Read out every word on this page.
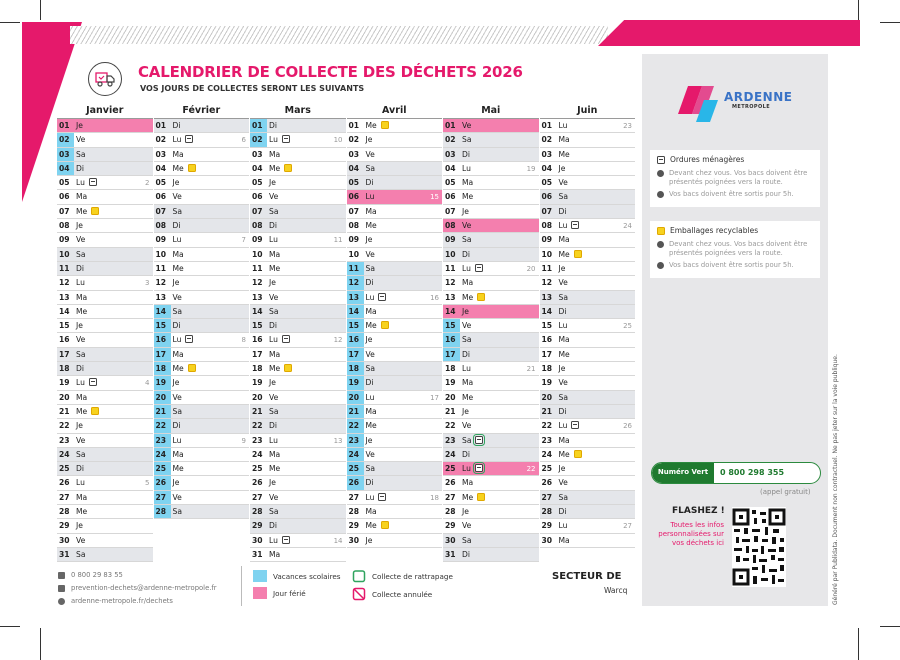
CALENDRIER DE COLLECTE DES DÉCHETS 2026
VOS JOURS DE COLLECTES SERONT LES SUIVANTS
Janvier
01 Je
02 Ve
03 Sa
04 Di
05 Lu	2
06 Ma
07 Me
08 Je
09 Ve
10 Sa
11 Di
12 Lu	3
13 Ma
14 Me
15 Je
16 Ve
17 Sa
18 Di
19 Lu	4
20 Ma
21 Me
22 Je
23 Ve
24 Sa
25 Di
26 Lu	5
27 Ma
28 Me
29 Je
30 Ve
31 Sa
Février
01 Di
02 Lu	6
03 Ma
04 Me
05 Je
06 Ve
07 Sa
08 Di
09 Lu	7
10 Ma
11 Me
12 Je
13 Ve
14 Sa
15 Di
16 Lu	8
17 Ma
18 Me
19 Je
20 Ve
21 Sa
22 Di
23 Lu	9
24 Ma
25 Me
26 Je
27 Ve
28 Sa
Mars
01 Di
02 Lu	10
03 Ma
04 Me
05 Je
06 Ve
07 Sa
08 Di
09 Lu	11
10 Ma
11 Me
12 Je
13 Ve
14 Sa
15 Di
16 Lu	12
17 Ma
18 Me
19 Je
20 Ve
21 Sa
22 Di
23 Lu	13
24 Ma
25 Me
26 Je
27 Ve
28 Sa
29 Di
30 Lu	14
31 Ma
Avril
01 Me
02 Je
03 Ve
04 Sa
05 Di
06 Lu	15
07 Ma
08 Me
09 Je
10 Ve
11 Sa
12 Di
13 Lu	16
14 Ma
15 Me
16 Je
17 Ve
18 Sa
19 Di
20 Lu	17
21 Ma
22 Me
23 Je
24 Ve
25 Sa
26 Di
27 Lu	18
28 Ma
29 Me
30 Je
Mai
01 Ve
02 Sa
03 Di
04 Lu	19
05 Ma
06 Me
07 Je
08 Ve
09 Sa
10 Di
11 Lu	20
12 Ma
13 Me
14 Je
15 Ve
16 Sa
17 Di
18 Lu	21
19 Ma
20 Me
21 Je
22 Ve
23 Sa
24 Di
25 Lu	22
26 Ma
27 Me
28 Je
29 Ve
30 Sa
31 Di
Juin
01 Lu	23
02 Ma
03 Me
04 Je
05 Ve
06 Sa
07 Di
08 Lu	24
09 Ma
10 Me
11 Je
12 Ve
13 Sa
14 Di
15 Lu	25
16 Ma
17 Me
18 Je
19 Ve
20 Sa
21 Di
22 Lu	26
23 Ma
24 Me
25 Je
26 Ve
27 Sa
28 Di
29 Lu	27
30 Ma
ARDENNE
METROPOLE
Ordures ménagères
Devant chez vous. Vos bacs doivent être présentés poignées vers la route.
Vos bacs doivent être sortis pour 5h.
Emballages recyclables
Devant chez vous. Vos bacs doivent être présentés poignées vers la route.
Vos bacs doivent être sortis pour 5h.
Numéro Vert	0 800 298 355
(appel gratuit)
FLASHEZ !
Toutes les infos personnalisées sur vos déchets ici	Généré par Publidata. Document non contractuel. Ne pas jeter sur la voie publique.
0 800 29 83 55
prevention-dechets@ardenne-metropole.fr
ardenne-metropole.fr/dechets
Vacances scolaires
Jour férié
Collecte de rattrapage
Collecte annulée
SECTEUR DE
Warcq
